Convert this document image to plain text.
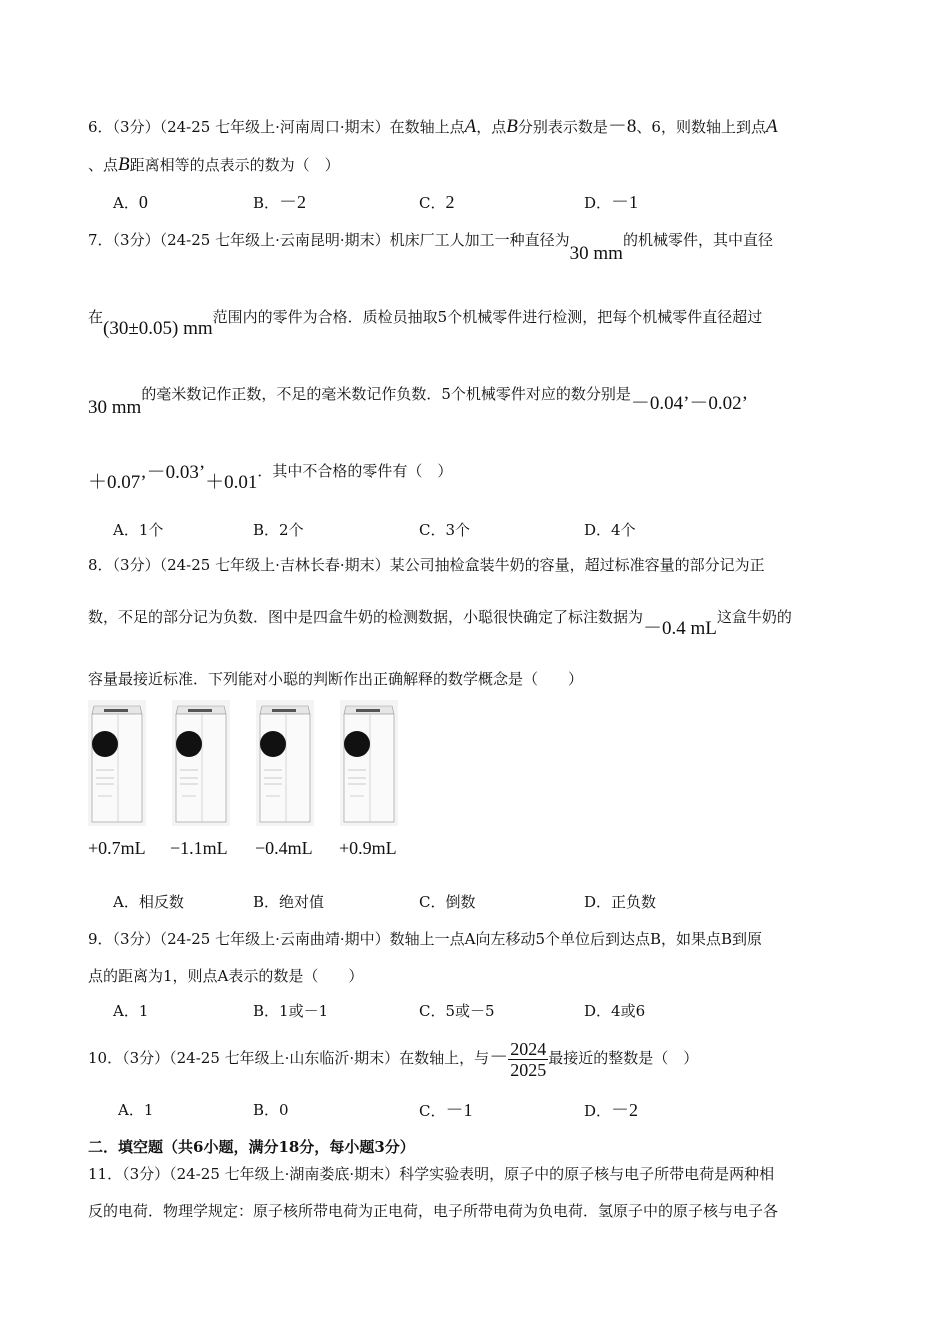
6．（3分）（24-25 七年级上·河南周口·期末）在数轴上点A，点B分别表示数是－8、6，则数轴上到点A
、点B距离相等的点表示的数为（　）
A．0	B．－2	C．2	D．－1
7．（3分）（24-25 七年级上·云南昆明·期末）机床厂工人加工一种直径为30 mm的机械零件，其中直径
在(30±0.05) mm范围内的零件为合格．质检员抽取5个机械零件进行检测，把每个机械零件直径超过
30 mm的毫米数记作正数，不足的毫米数记作负数．5个机械零件对应的数分别是－0.04’－0.02’
＋0.07’－0.03’＋0.01．其中不合格的零件有（　）
A．1个	B．2个	C．3个	D．4个
8．（3分）（24-25 七年级上·吉林长春·期末）某公司抽检盒装牛奶的容量，超过标准容量的部分记为正
数，不足的部分记为负数．图中是四盒牛奶的检测数据，小聪很快确定了标注数据为－0.4 mL这盒牛奶的
容量最接近标准．下列能对小聪的判断作出正确解释的数学概念是（　　）
+0.7mL −1.1mL −0.4mL +0.9mL
A．相反数	B．绝对值	C．倒数	D．正负数
9．（3分）（24-25 七年级上·云南曲靖·期中）数轴上一点A向左移动5个单位后到达点B，如果点B到原
点的距离为1，则点A表示的数是（　　）
A．1	B．1或－1	C．5或－5	D．4或6
10．（3分）（24-25 七年级上·山东临沂·期末）在数轴上，与－ $\frac{2024}{2025}$ 最接近的整数是（　）
A．1	B．0	C．－1	D．－2
二．填空题（共6小题，满分18分，每小题3分）
11．（3分）（24-25 七年级上·湖南娄底·期末）科学实验表明，原子中的原子核与电子所带电荷是两种相
反的电荷．物理学规定：原子核所带电荷为正电荷，电子所带电荷为负电荷．氢原子中的原子核与电子各
